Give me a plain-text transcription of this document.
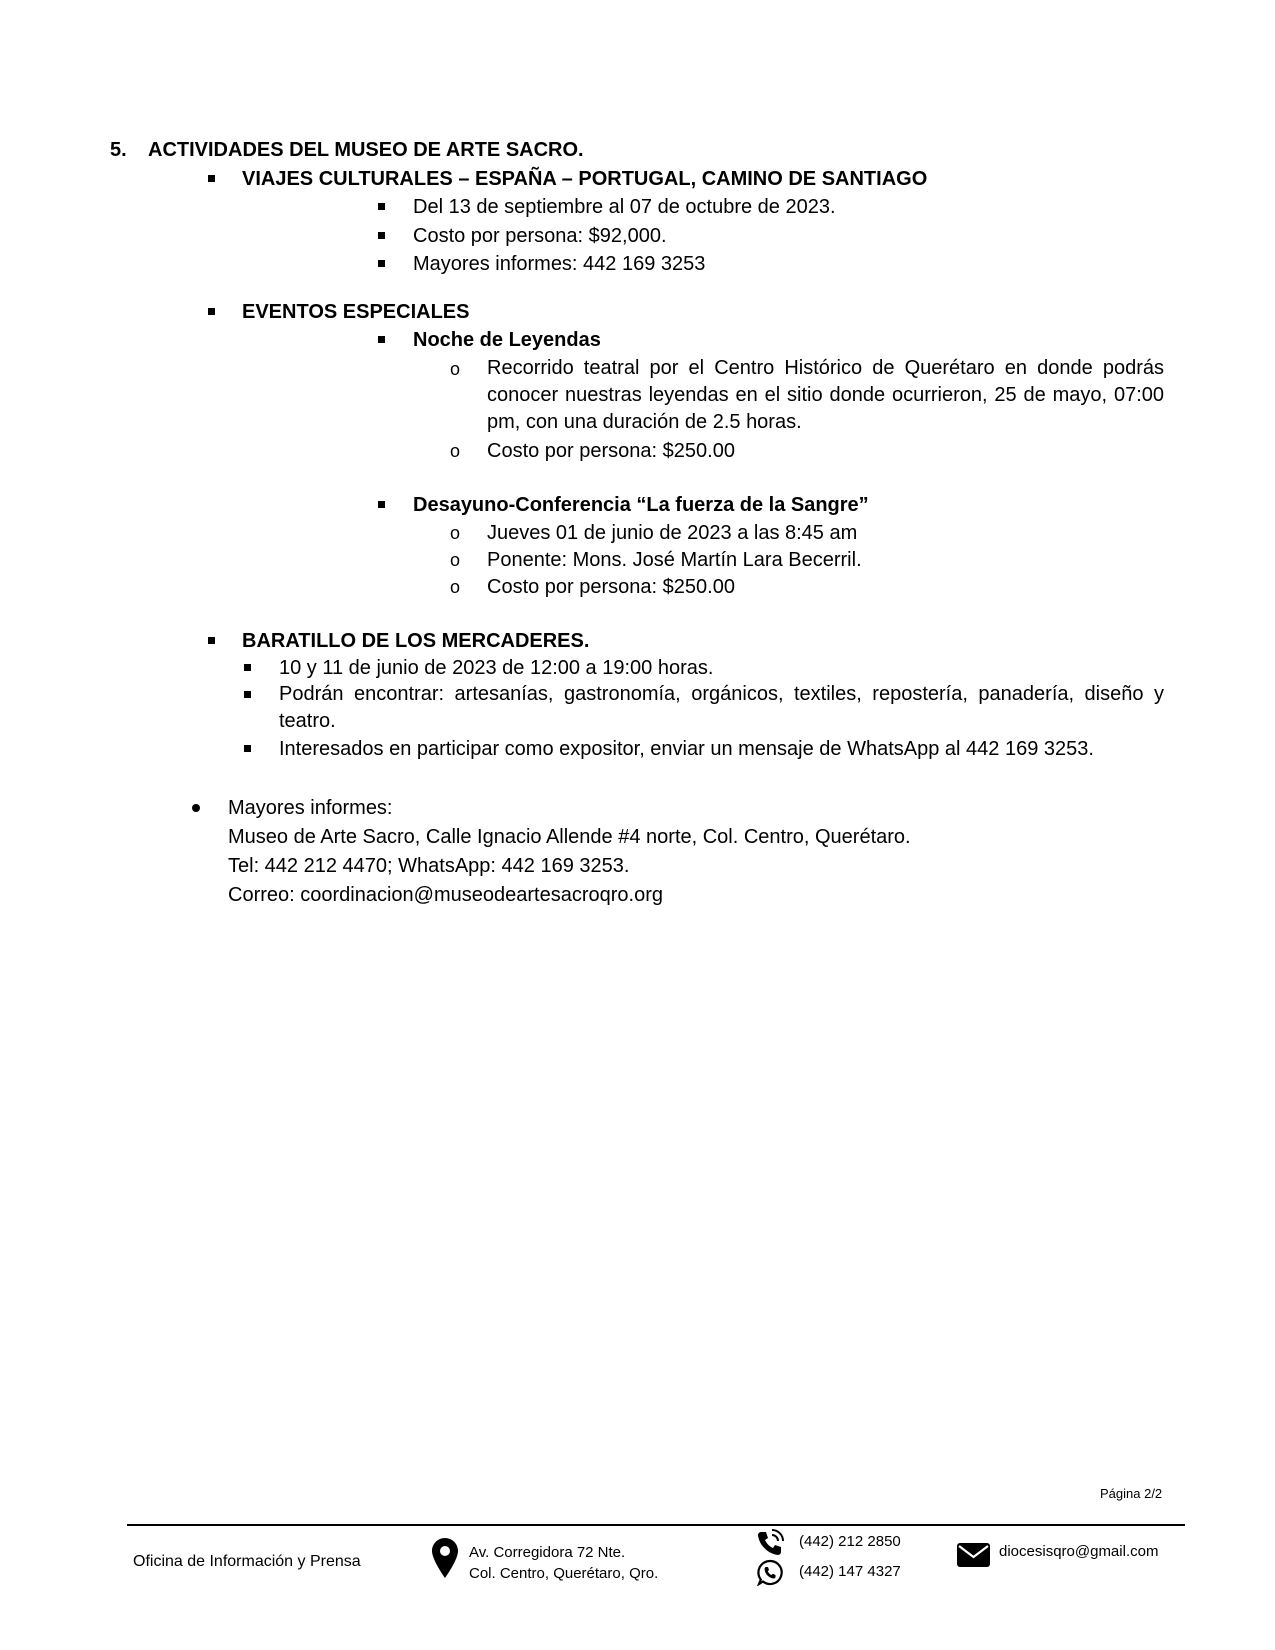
5. ACTIVIDADES DEL MUSEO DE ARTE SACRO.
VIAJES CULTURALES – ESPAÑA – PORTUGAL, CAMINO DE SANTIAGO
Del 13 de septiembre al 07 de octubre de 2023.
Costo por persona: $92,000.
Mayores informes: 442 169 3253
EVENTOS ESPECIALES
Noche de Leyendas
o Recorrido teatral por el Centro Histórico de Querétaro en donde podrás conocer nuestras leyendas en el sitio donde ocurrieron, 25 de mayo, 07:00 pm, con una duración de 2.5 horas.
o Costo por persona: $250.00
Desayuno-Conferencia “La fuerza de la Sangre”
o Jueves 01 de junio de 2023 a las 8:45 am
o Ponente: Mons. José Martín Lara Becerril.
o Costo por persona: $250.00
BARATILLO DE LOS MERCADERES.
10 y 11 de junio de 2023 de 12:00 a 19:00 horas.
Podrán encontrar: artesanías, gastronomía, orgánicos, textiles, repostería, panadería, diseño y teatro.
Interesados en participar como expositor, enviar un mensaje de WhatsApp al 442 169 3253.
Mayores informes:
Museo de Arte Sacro, Calle Ignacio Allende #4 norte, Col. Centro, Querétaro.
Tel: 442 212 4470; WhatsApp: 442 169 3253.
Correo: coordinacion@museodeartesacroqro.org
Página 2/2
Oficina de Información y Prensa
Av. Corregidora 72 Nte.
Col. Centro, Querétaro, Qro.
(442) 212 2850
(442) 147 4327
diocesisqro@gmail.com
